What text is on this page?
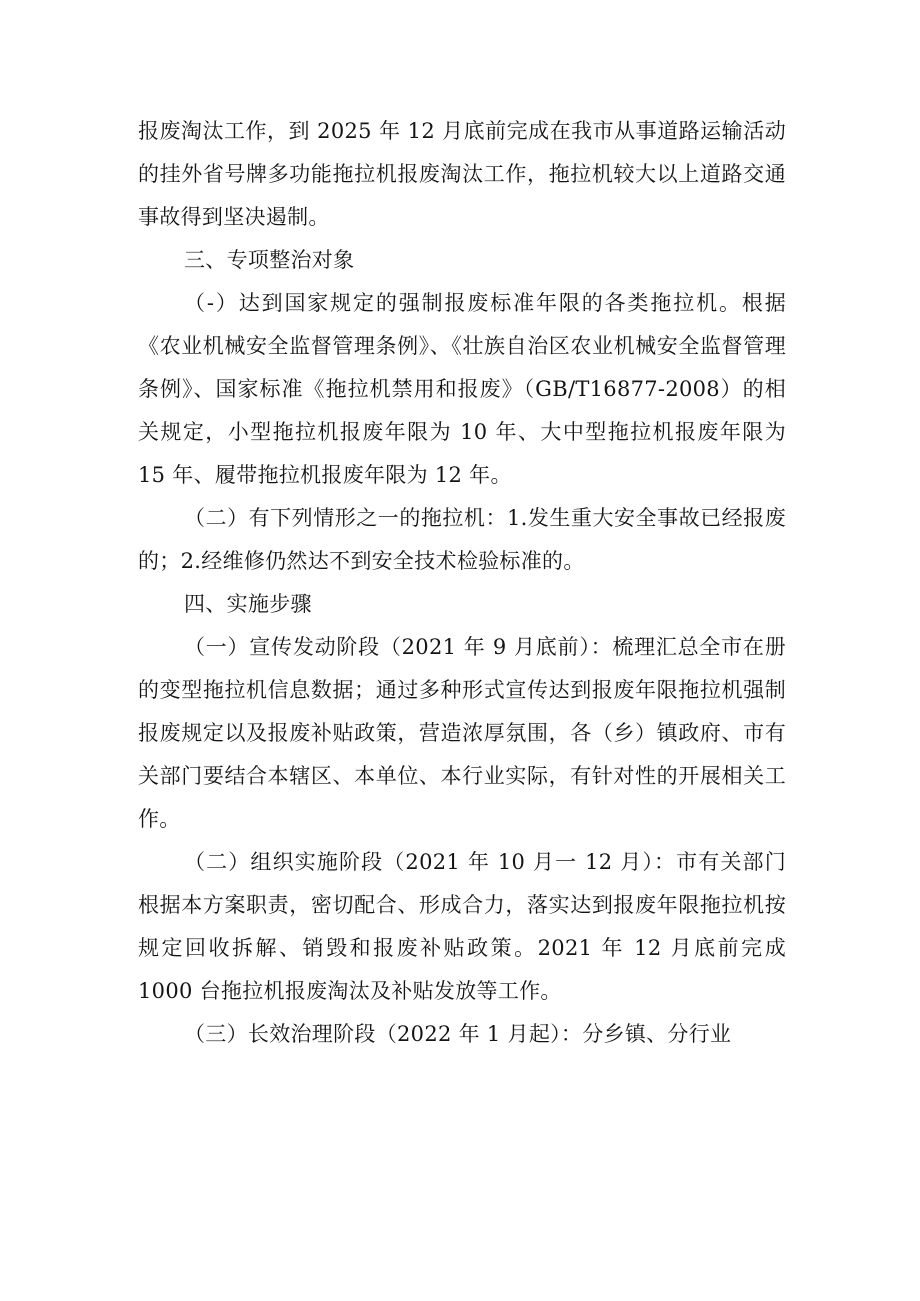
报废淘汰工作，到 2025 年 12 月底前完成在我市从事道路运输活动的挂外省号牌多功能拖拉机报废淘汰工作，拖拉机较大以上道路交通事故得到坚决遏制。

三、专项整治对象

（-）达到国家规定的强制报废标准年限的各类拖拉机。根据《农业机械安全监督管理条例》、《壮族自治区农业机械安全监督管理条例》、国家标准《拖拉机禁用和报废》（GB/T16877-2008）的相关规定，小型拖拉机报废年限为 10 年、大中型拖拉机报废年限为 15 年、履带拖拉机报废年限为 12 年。

（二）有下列情形之一的拖拉机：1.发生重大安全事故已经报废的；2.经维修仍然达不到安全技术检验标准的。

四、实施步骤

（一）宣传发动阶段（2021 年 9 月底前）：梳理汇总全市在册的变型拖拉机信息数据；通过多种形式宣传达到报废年限拖拉机强制报废规定以及报废补贴政策，营造浓厚氛围，各（乡）镇政府、市有关部门要结合本辖区、本单位、本行业实际，有针对性的开展相关工作。

（二）组织实施阶段（2021 年 10 月一 12 月）：市有关部门根据本方案职责，密切配合、形成合力，落实达到报废年限拖拉机按规定回收拆解、销毁和报废补贴政策。2021 年 12 月底前完成 1000 台拖拉机报废淘汰及补贴发放等工作。

（三）长效治理阶段（2022 年 1 月起）：分乡镇、分行业
